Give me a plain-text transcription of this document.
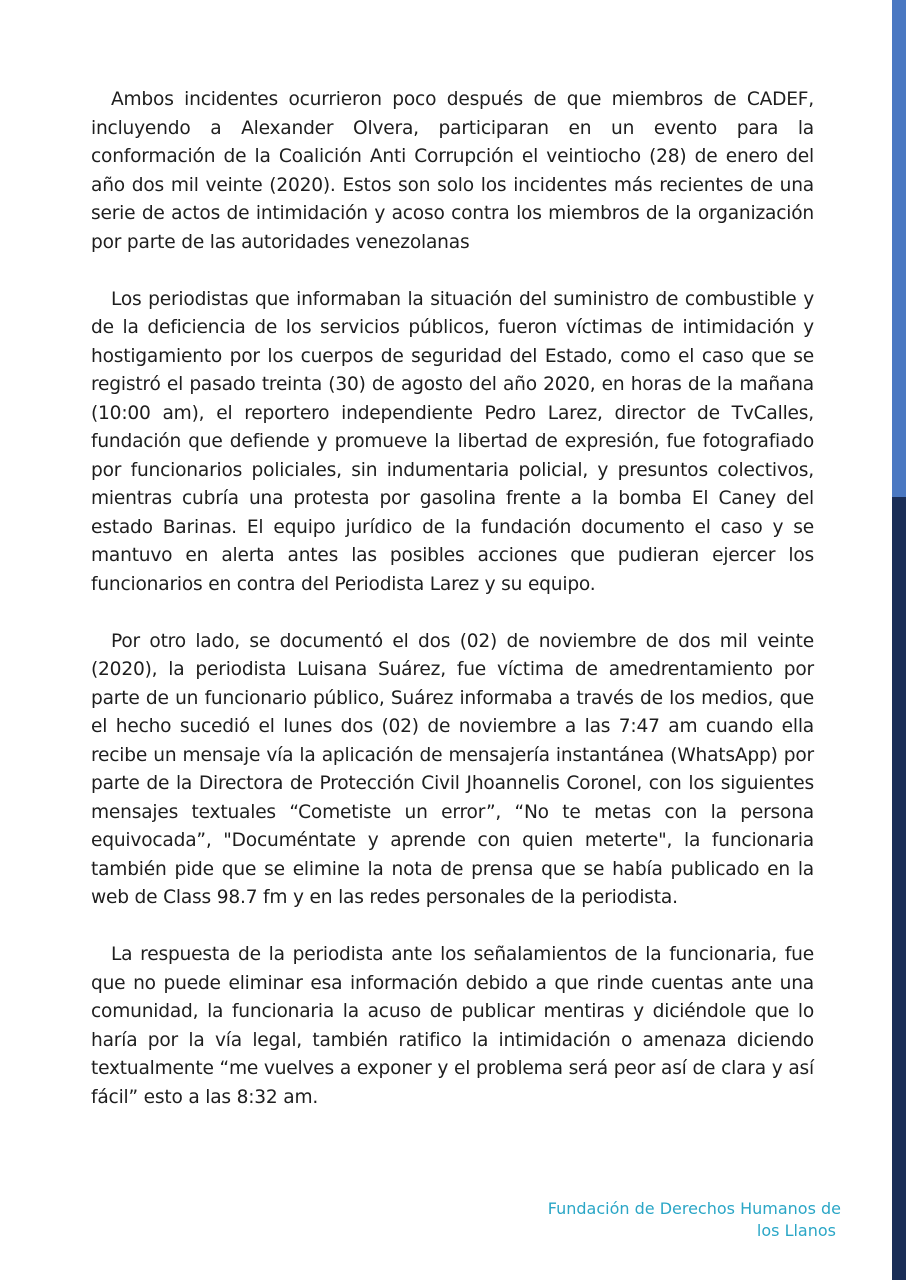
Ambos incidentes ocurrieron poco después de que miembros de CADEF, incluyendo a Alexander Olvera, participaran en un evento para la conformación de la Coalición Anti Corrupción el veintiocho (28) de enero del año dos mil veinte (2020). Estos son solo los incidentes más recientes de una serie de actos de intimidación y acoso contra los miembros de la organización por parte de las autoridades venezolanas

Los periodistas que informaban la situación del suministro de combustible y de la deficiencia de los servicios públicos, fueron víctimas de intimidación y hostigamiento por los cuerpos de seguridad del Estado, como el caso que se registró el pasado treinta (30) de agosto del año 2020, en horas de la mañana (10:00 am), el reportero independiente Pedro Larez, director de TvCalles, fundación que defiende y promueve la libertad de expresión, fue fotografiado por funcionarios policiales, sin indumentaria policial, y presuntos colectivos, mientras cubría una protesta por gasolina frente a la bomba El Caney del estado Barinas. El equipo jurídico de la fundación documento el caso y se mantuvo en alerta antes las posibles acciones que pudieran ejercer los funcionarios en contra del Periodista Larez y su equipo.

Por otro lado, se documentó el dos (02) de noviembre de dos mil veinte (2020), la periodista Luisana Suárez, fue víctima de amedrentamiento por parte de un funcionario público, Suárez informaba a través de los medios, que el hecho sucedió el lunes dos (02) de noviembre a las 7:47 am cuando ella recibe un mensaje vía la aplicación de mensajería instantánea (WhatsApp) por parte de la Directora de Protección Civil Jhoannelis Coronel, con los siguientes mensajes textuales “Cometiste un error”, “No te metas con la persona equivocada”, "Documéntate y aprende con quien meterte", la funcionaria también pide que se elimine la nota de prensa que se había publicado en la web de Class 98.7 fm y en las redes personales de la periodista.

La respuesta de la periodista ante los señalamientos de la funcionaria, fue que no puede eliminar esa información debido a que rinde cuentas ante una comunidad, la funcionaria la acuso de publicar mentiras y diciéndole que lo haría por la vía legal, también ratifico la intimidación o amenaza diciendo textualmente “me vuelves a exponer y el problema será peor así de clara y así fácil” esto a las 8:32 am.

Fundación de Derechos Humanos de
los Llanos
